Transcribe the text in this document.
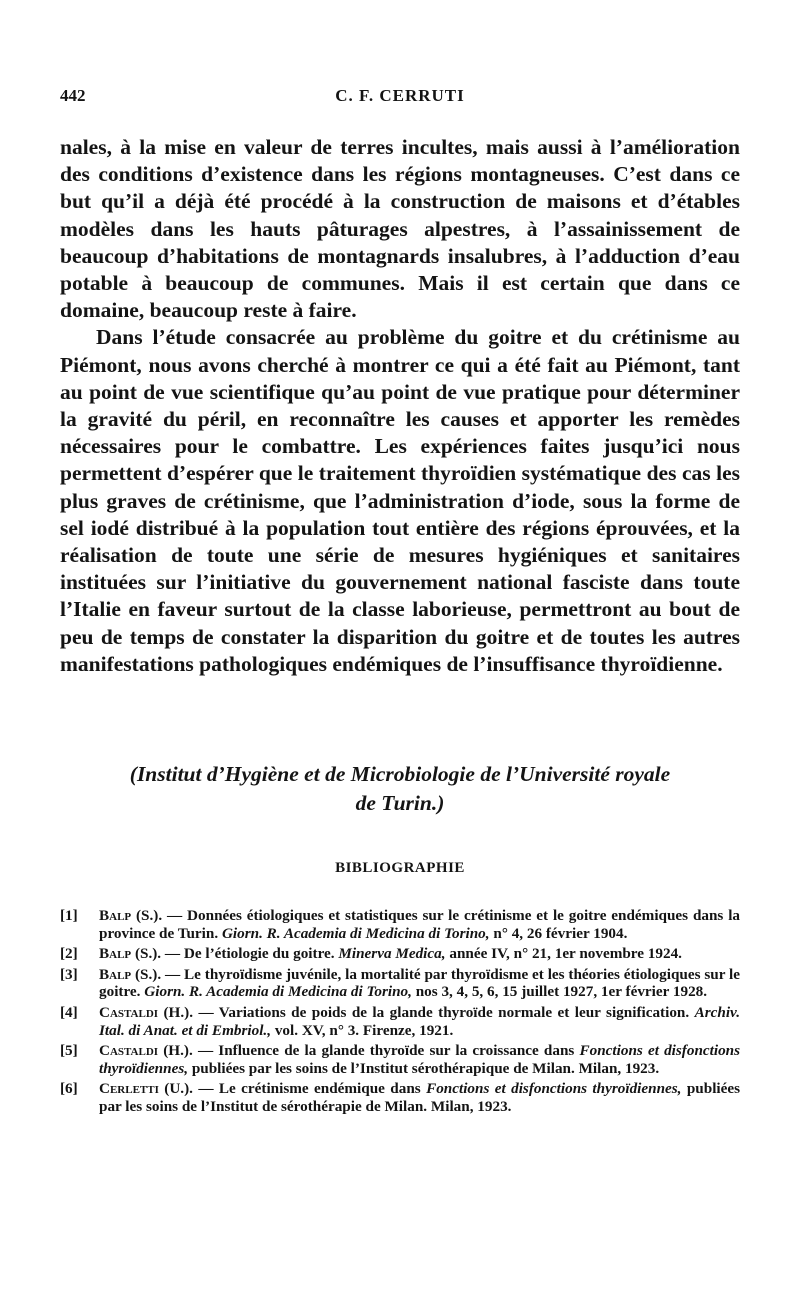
442	C. F. CERRUTI

nales, à la mise en valeur de terres incultes, mais aussi à l’amélioration des conditions d’existence dans les régions montagneuses. C’est dans ce but qu’il a déjà été procédé à la construction de maisons et d’étables modèles dans les hauts pâturages alpestres, à l’assainissement de beaucoup d’habitations de montagnards insalubres, à l’adduction d’eau potable à beaucoup de communes. Mais il est certain que dans ce domaine, beaucoup reste à faire.

Dans l’étude consacrée au problème du goitre et du crétinisme au Piémont, nous avons cherché à montrer ce qui a été fait au Piémont, tant au point de vue scientifique qu’au point de vue pratique pour déterminer la gravité du péril, en reconnaître les causes et apporter les remèdes nécessaires pour le combattre. Les expériences faites jusqu’ici nous permettent d’espérer que le traitement thyroïdien systématique des cas les plus graves de crétinisme, que l’administration d’iode, sous la forme de sel iodé distribué à la population tout entière des régions éprouvées, et la réalisation de toute une série de mesures hygiéniques et sanitaires instituées sur l’initiative du gouvernement national fasciste dans toute l’Italie en faveur surtout de la classe laborieuse, permettront au bout de peu de temps de constater la disparition du goitre et de toutes les autres manifestations pathologiques endémiques de l’insuffisance thyroïdienne.

(Institut d’Hygiène et de Microbiologie de l’Université royale
de Turin.)
BIBLIOGRAPHIE
[1] Balp (S.). — Données étiologiques et statistiques sur le crétinisme et le goitre endémiques dans la province de Turin. Giorn. R. Academia di Medicina di Torino, n° 4, 26 février 1904.
[2] Balp (S.). — De l’étiologie du goitre. Minerva Medica, année IV, n° 21, 1er novembre 1924.
[3] Balp (S.). — Le thyroïdisme juvénile, la mortalité par thyroïdisme et les théories étiologiques sur le goitre. Giorn. R. Academia di Medicina di Torino, nos 3, 4, 5, 6, 15 juillet 1927, 1er février 1928.
[4] Castaldi (H.). — Variations de poids de la glande thyroïde normale et leur signification. Archiv. Ital. di Anat. et di Embriol., vol. XV, n° 3. Firenze, 1921.
[5] Castaldi (H.). — Influence de la glande thyroïde sur la croissance dans Fonctions et disfonctions thyroïdiennes, publiées par les soins de l’Institut sérothérapique de Milan. Milan, 1923.
[6] Cerletti (U.). — Le crétinisme endémique dans Fonctions et disfonctions thyroïdiennes, publiées par les soins de l’Institut de sérothérapie de Milan. Milan, 1923.
